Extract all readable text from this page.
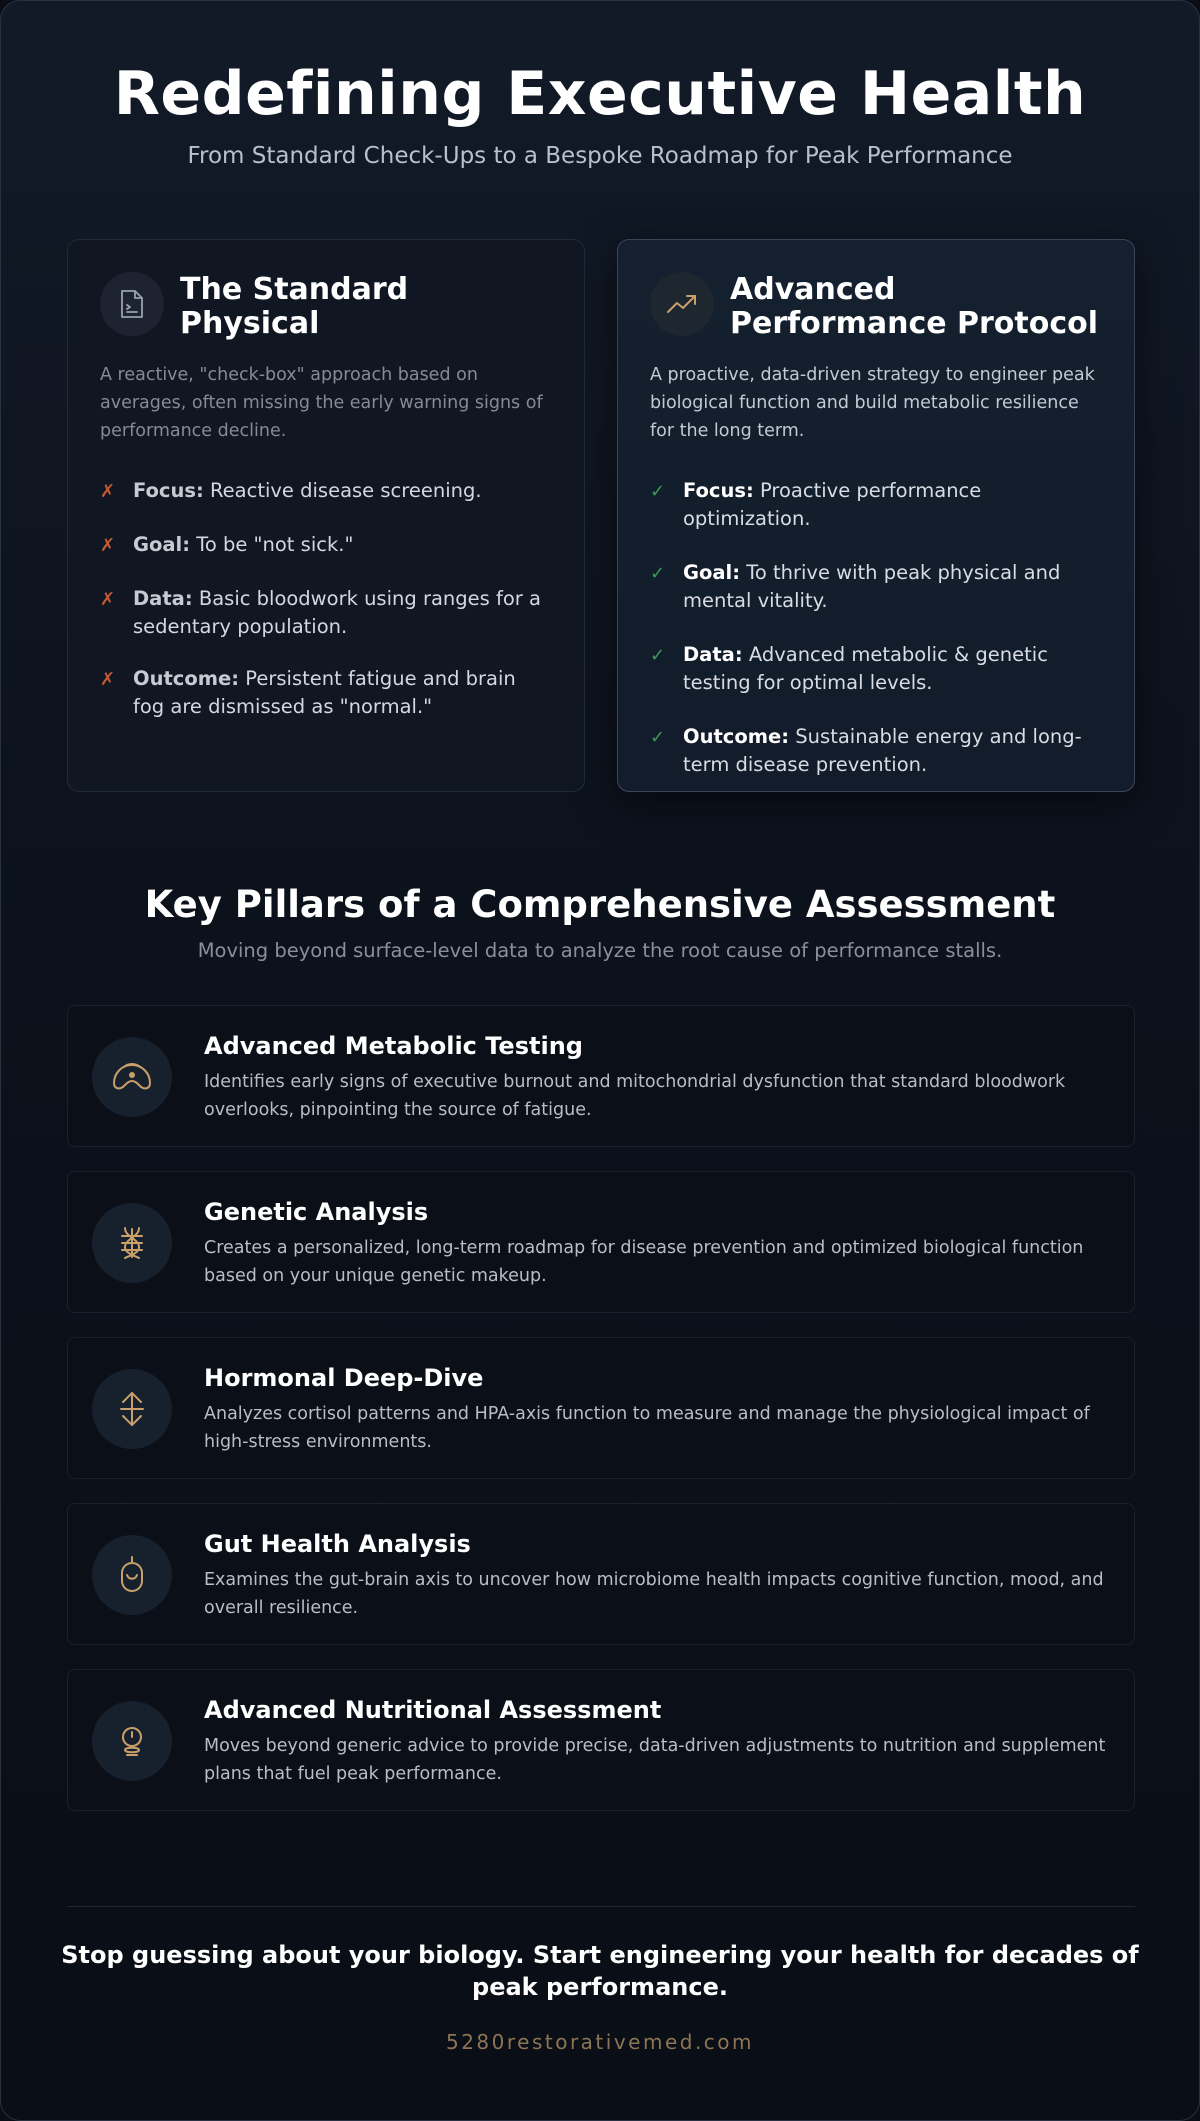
Redefining Executive Health
From Standard Check-Ups to a Bespoke Roadmap for Peak Performance
The Standard Physical
A reactive, "check-box" approach based on averages, often missing the early warning signs of performance decline.
✗ Focus: Reactive disease screening.
✗ Goal: To be "not sick."
✗ Data: Basic bloodwork using ranges for a sedentary population.
✗ Outcome: Persistent fatigue and brain fog are dismissed as "normal."
Advanced Performance Protocol
A proactive, data-driven strategy to engineer peak biological function and build metabolic resilience for the long term.
✓ Focus: Proactive performance optimization.
✓ Goal: To thrive with peak physical and mental vitality.
✓ Data: Advanced metabolic & genetic testing for optimal levels.
✓ Outcome: Sustainable energy and long-term disease prevention.
Key Pillars of a Comprehensive Assessment
Moving beyond surface-level data to analyze the root cause of performance stalls.
Advanced Metabolic Testing
Identifies early signs of executive burnout and mitochondrial dysfunction that standard bloodwork overlooks, pinpointing the source of fatigue.
Genetic Analysis
Creates a personalized, long-term roadmap for disease prevention and optimized biological function based on your unique genetic makeup.
Hormonal Deep-Dive
Analyzes cortisol patterns and HPA-axis function to measure and manage the physiological impact of high-stress environments.
Gut Health Analysis
Examines the gut-brain axis to uncover how microbiome health impacts cognitive function, mood, and overall resilience.
Advanced Nutritional Assessment
Moves beyond generic advice to provide precise, data-driven adjustments to nutrition and supplement plans that fuel peak performance.
Stop guessing about your biology. Start engineering your health for decades of peak performance.
5280restorativemed.com
